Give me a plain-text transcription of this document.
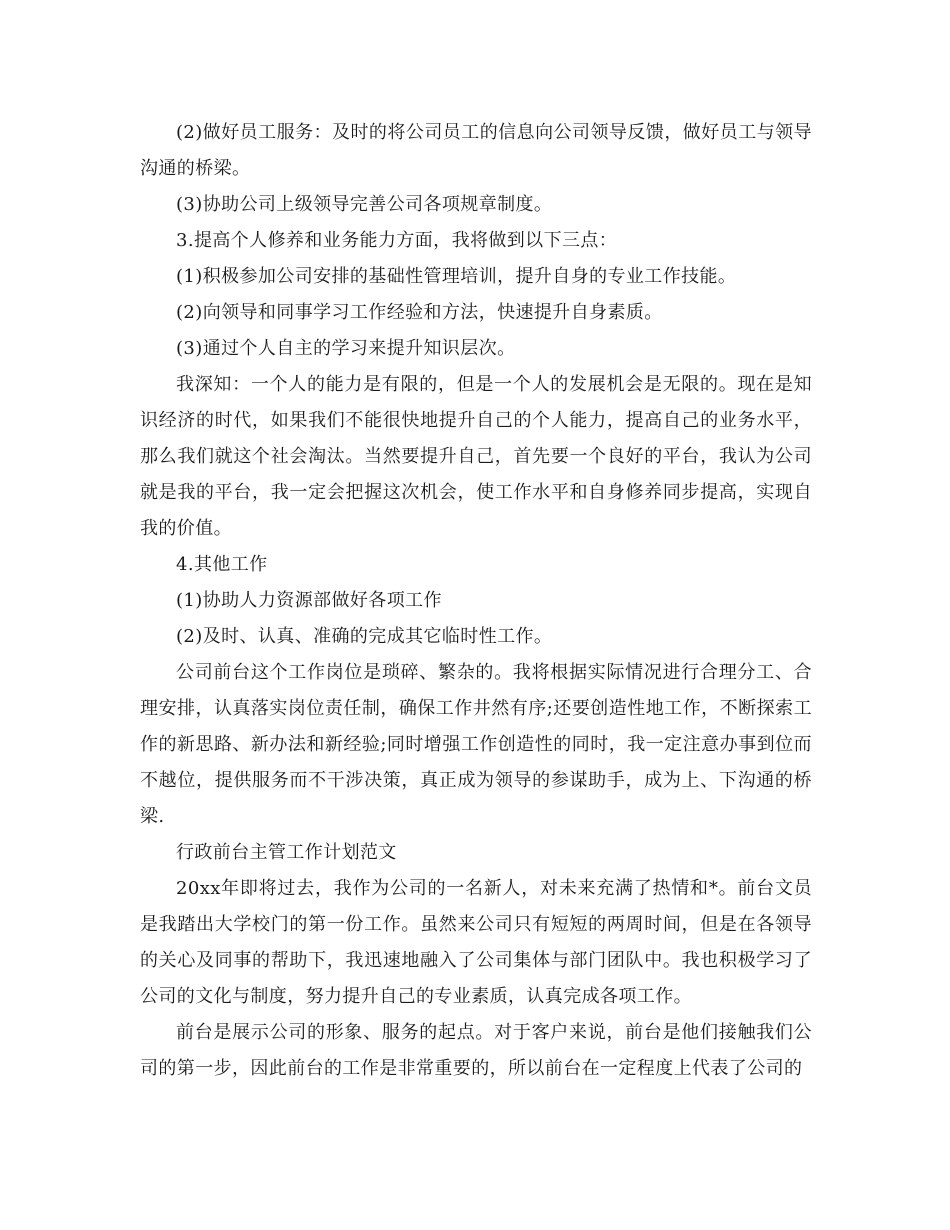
(2)做好员工服务：及时的将公司员工的信息向公司领导反馈，做好员工与领导沟通的桥梁。

(3)协助公司上级领导完善公司各项规章制度。

3.提高个人修养和业务能力方面，我将做到以下三点：

(1)积极参加公司安排的基础性管理培训，提升自身的专业工作技能。

(2)向领导和同事学习工作经验和方法，快速提升自身素质。

(3)通过个人自主的学习来提升知识层次。

我深知：一个人的能力是有限的，但是一个人的发展机会是无限的。现在是知识经济的时代，如果我们不能很快地提升自己的个人能力，提高自己的业务水平，那么我们就这个社会淘汰。当然要提升自己，首先要一个良好的平台，我认为公司就是我的平台，我一定会把握这次机会，使工作水平和自身修养同步提高，实现自我的价值。

4.其他工作

(1)协助人力资源部做好各项工作

(2)及时、认真、准确的完成其它临时性工作。

公司前台这个工作岗位是琐碎、繁杂的。我将根据实际情况进行合理分工、合理安排，认真落实岗位责任制，确保工作井然有序;还要创造性地工作，不断探索工作的新思路、新办法和新经验;同时增强工作创造性的同时，我一定注意办事到位而不越位，提供服务而不干涉决策，真正成为领导的参谋助手，成为上、下沟通的桥梁.

行政前台主管工作计划范文

20xx年即将过去，我作为公司的一名新人，对未来充满了热情和*。前台文员是我踏出大学校门的第一份工作。虽然来公司只有短短的两周时间，但是在各领导的关心及同事的帮助下，我迅速地融入了公司集体与部门团队中。我也积极学习了公司的文化与制度，努力提升自己的专业素质，认真完成各项工作。

前台是展示公司的形象、服务的起点。对于客户来说，前台是他们接触我们公司的第一步，因此前台的工作是非常重要的，所以前台在一定程度上代表了公司的
